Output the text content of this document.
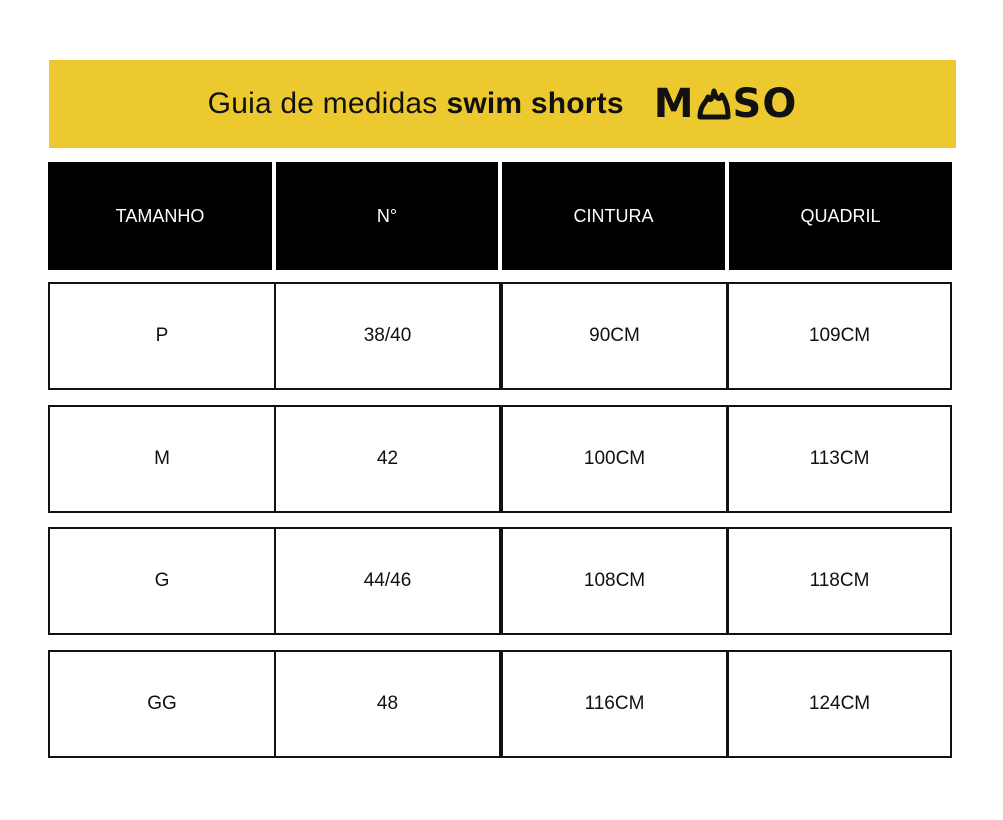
Guia de medidas swim shorts M SO
TAMANHO	N°	CINTURA	QUADRIL
P	38/40	90CM	109CM
M	42	100CM	113CM
G	44/46	108CM	118CM
GG	48	116CM	124CM
